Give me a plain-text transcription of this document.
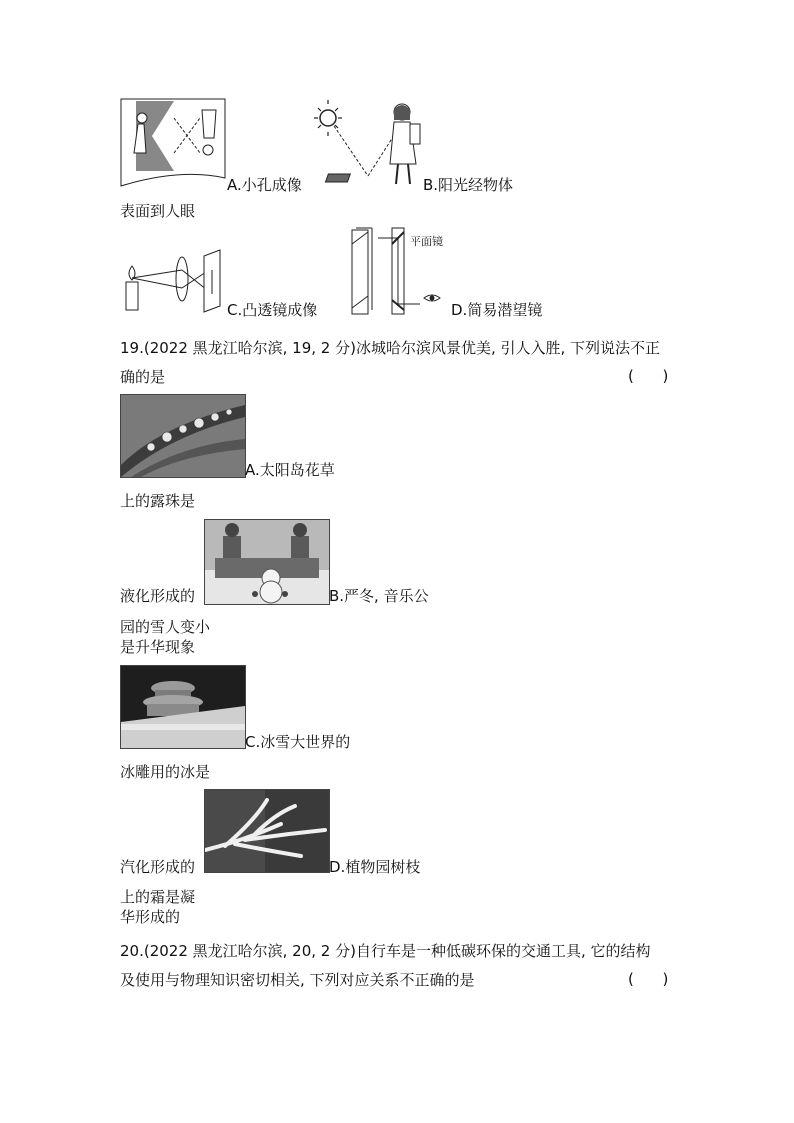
A.小孔成像	B.阳光经物体
表面到人眼
C.凸透镜成像
平面镜
D.简易潜望镜
19.(2022 黑龙江哈尔滨, 19, 2 分)冰城哈尔滨风景优美, 引人入胜, 下列说法不正
确的是	(      )
A.太阳岛花草
上的露珠是
液化形成的	B.严冬, 音乐公
园的雪人变小
是升华现象
C.冰雪大世界的
冰雕用的冰是
汽化形成的	D.植物园树枝
上的霜是凝
华形成的
20.(2022 黑龙江哈尔滨, 20, 2 分)自行车是一种低碳环保的交通工具, 它的结构
及使用与物理知识密切相关, 下列对应关系不正确的是	(      )
